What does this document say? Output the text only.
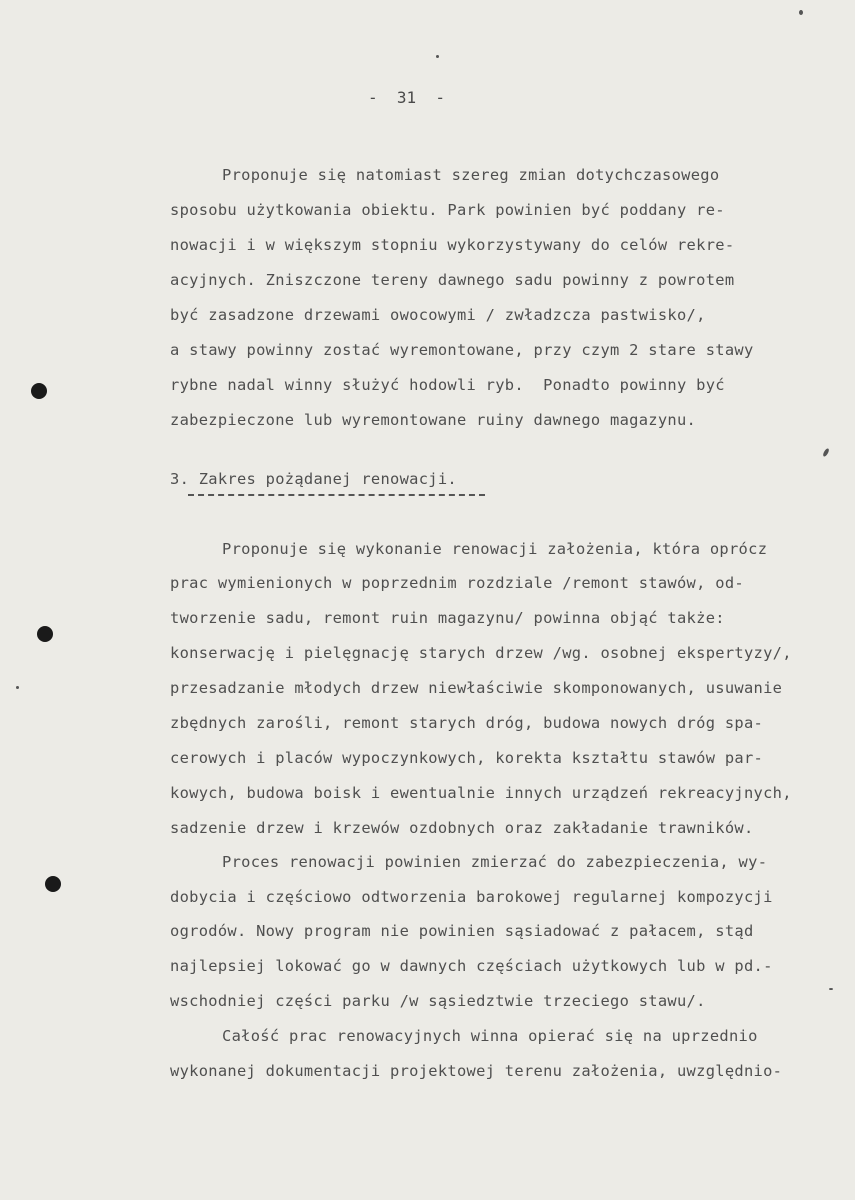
-  31  -
Proponuje się natomiast szereg zmian dotychczasowego
sposobu użytkowania obiektu. Park powinien być poddany re-
nowacji i w większym stopniu wykorzystywany do celów rekre-
acyjnych. Zniszczone tereny dawnego sadu powinny z powrotem
być zasadzone drzewami owocowymi / zwładzcza pastwisko/,
a stawy powinny zostać wyremontowane, przy czym 2 stare stawy
rybne nadal winny służyć hodowli ryb.  Ponadto powinny być
zabezpieczone lub wyremontowane ruiny dawnego magazynu.
3. Zakres pożądanej renowacji.
Proponuje się wykonanie renowacji założenia, która oprócz
prac wymienionych w poprzednim rozdziale /remont stawów, od-
tworzenie sadu, remont ruin magazynu/ powinna objąć także:
konserwację i pielęgnację starych drzew /wg. osobnej ekspertyzy/,
przesadzanie młodych drzew niewłaściwie skomponowanych, usuwanie
zbędnych zarośli, remont starych dróg, budowa nowych dróg spa-
cerowych i placów wypoczynkowych, korekta kształtu stawów par-
kowych, budowa boisk i ewentualnie innych urządzeń rekreacyjnych,
sadzenie drzew i krzewów ozdobnych oraz zakładanie trawników.
Proces renowacji powinien zmierzać do zabezpieczenia, wy-
dobycia i częściowo odtworzenia barokowej regularnej kompozycji
ogrodów. Nowy program nie powinien sąsiadować z pałacem, stąd
najlepsiej lokować go w dawnych częściach użytkowych lub w pd.-
wschodniej części parku /w sąsiedztwie trzeciego stawu/.
Całość prac renowacyjnych winna opierać się na uprzednio
wykonanej dokumentacji projektowej terenu założenia, uwzględnio-
